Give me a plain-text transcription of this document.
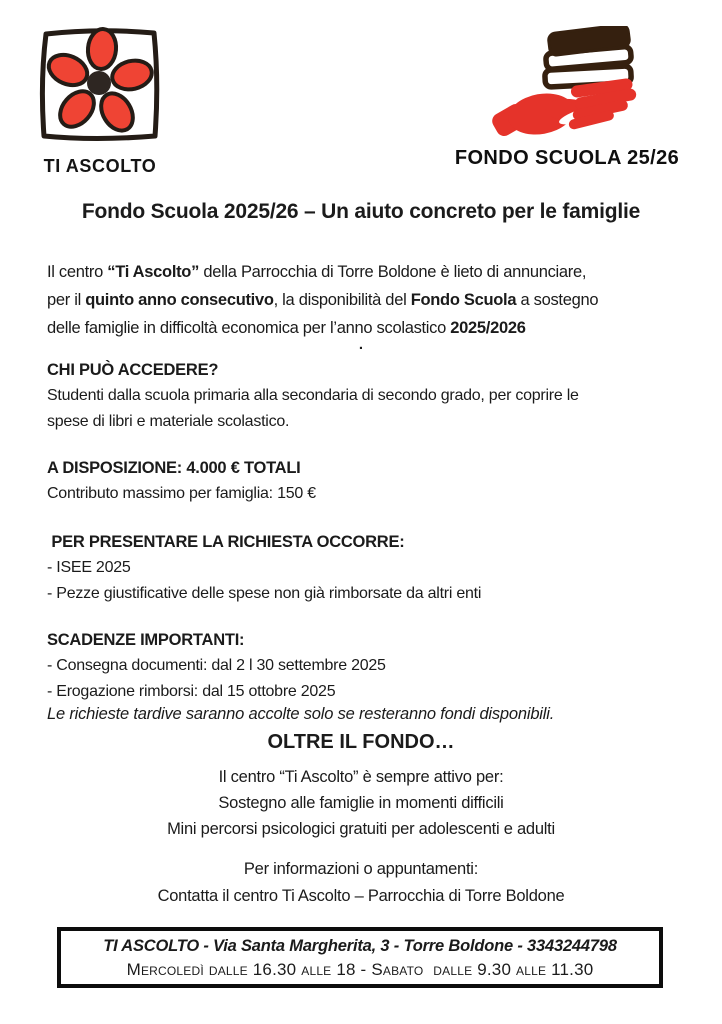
TI ASCOLTO	FONDO SCUOLA 25/26
Fondo Scuola 2025/26 – Un aiuto concreto per le famiglie
Il centro “Ti Ascolto” della Parrocchia di Torre Boldone è lieto di annunciare,
per il quinto anno consecutivo, la disponibilità del Fondo Scuola a sostegno
delle famiglie in difficoltà economica per l’anno scolastico 2025/2026
.
CHI PUÒ ACCEDERE?
Studenti dalla scuola primaria alla secondaria di secondo grado, per coprire le
spese di libri e materiale scolastico.
A DISPOSIZIONE: 4.000 € TOTALI
Contributo massimo per famiglia: 150 €
PER PRESENTARE LA RICHIESTA OCCORRE:
- ISEE 2025
- Pezze giustificative delle spese non già rimborsate da altri enti
SCADENZE IMPORTANTI:
- Consegna documenti: dal 2 l 30 settembre 2025
- Erogazione rimborsi: dal 15 ottobre 2025
Le richieste tardive saranno accolte solo se resteranno fondi disponibili.
OLTRE IL FONDO…
Il centro “Ti Ascolto” è sempre attivo per:
Sostegno alle famiglie in momenti difficili
Mini percorsi psicologici gratuiti per adolescenti e adulti
Per informazioni o appuntamenti:
Contatta il centro Ti Ascolto – Parrocchia di Torre Boldone
TI ASCOLTO - Via Santa Margherita, 3 - Torre Boldone - 3343244798
Mercoledì dalle 16.30 alle 18 - Sabato  dalle 9.30 alle 11.30
